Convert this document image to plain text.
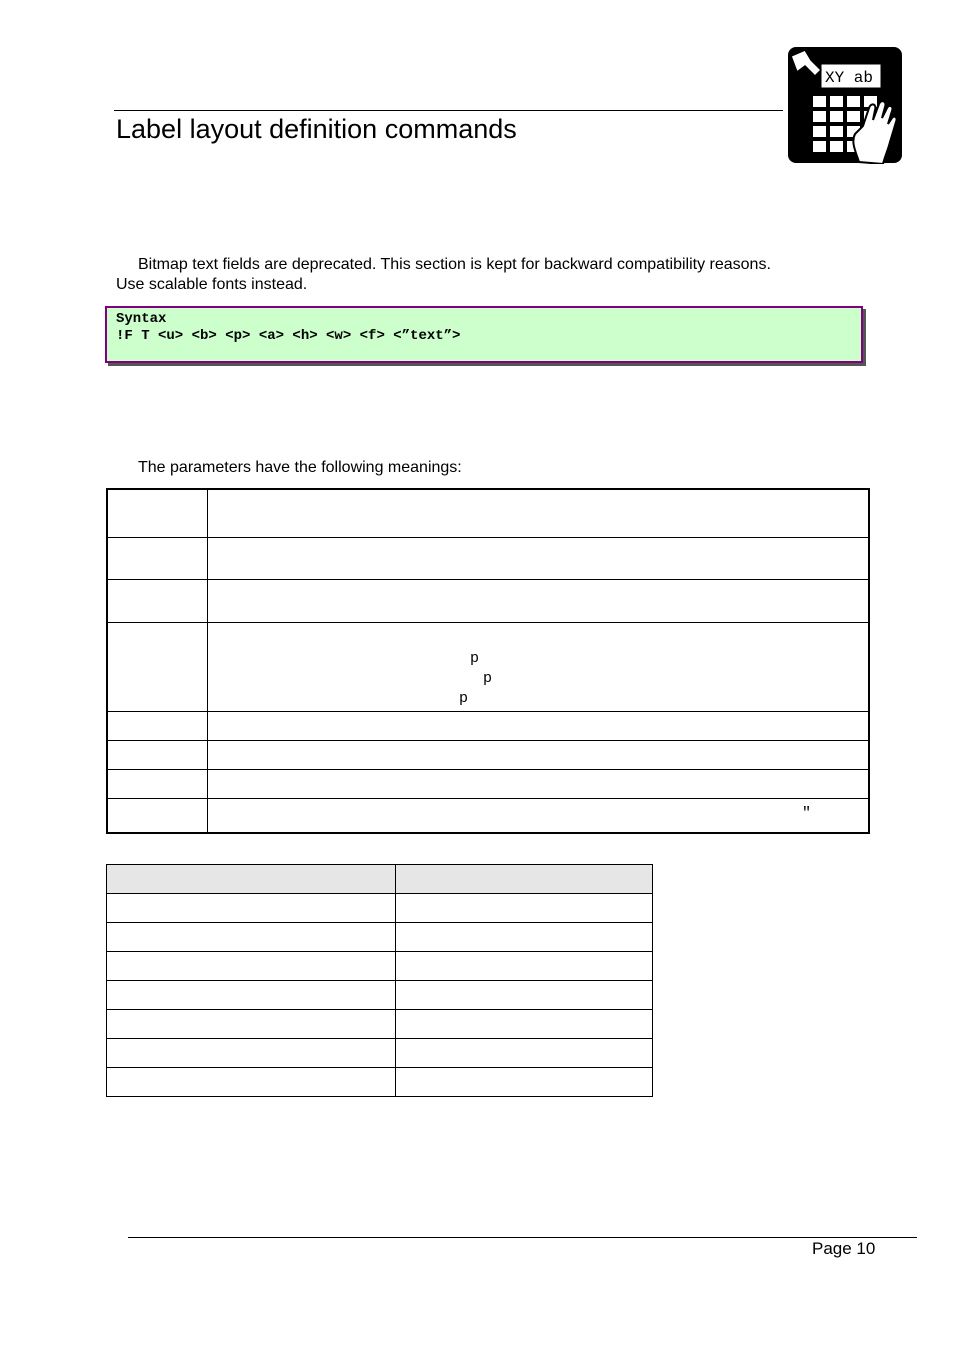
Label layout definition commands
XY ab
Bitmap text fields are deprecated. This section is kept for backward compatibility reasons.
Use scalable fonts instead.
Syntax
!F T <u> <b> <p> <a> <h> <w> <f> <”text”>
The parameters have the following meanings:

	p
p
p

	"

Page 10
